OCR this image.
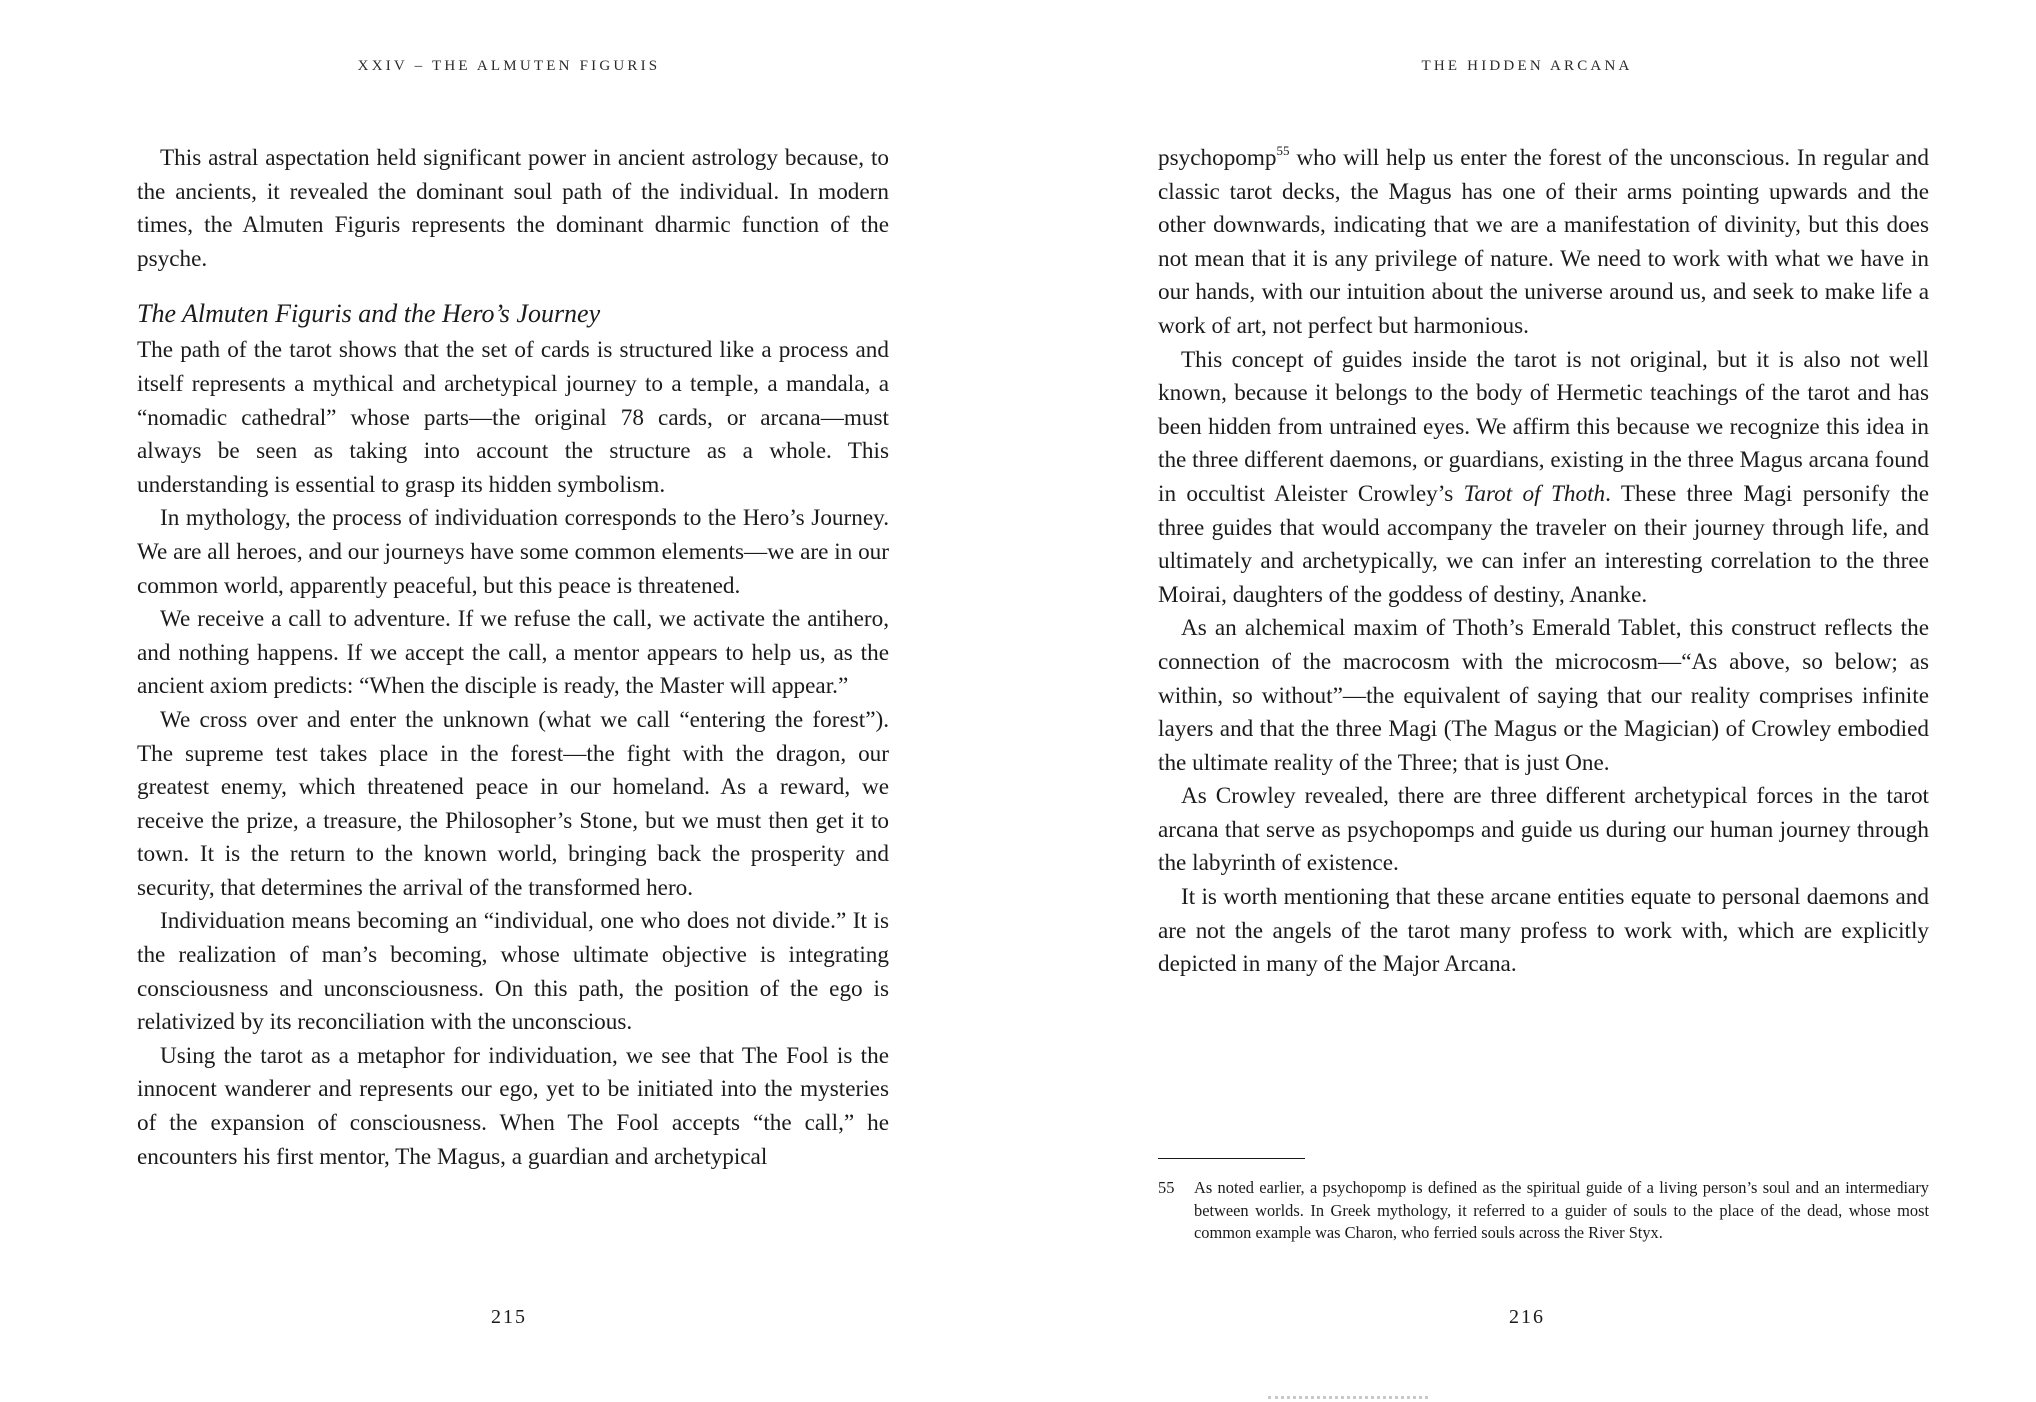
XXIV – THE ALMUTEN FIGURIS

This astral aspectation held significant power in ancient astrology because, to the ancients, it revealed the dominant soul path of the individual. In modern times, the Almuten Figuris represents the dominant dharmic function of the psyche.

The Almuten Figuris and the Hero’s Journey

The path of the tarot shows that the set of cards is structured like a process and itself represents a mythical and archetypical journey to a temple, a mandala, a “nomadic cathedral” whose parts—the original 78 cards, or arcana—must always be seen as taking into account the structure as a whole. This understanding is essential to grasp its hidden symbolism.

In mythology, the process of individuation corresponds to the Hero’s Journey. We are all heroes, and our journeys have some common elements—we are in our common world, apparently peaceful, but this peace is threatened.

We receive a call to adventure. If we refuse the call, we activate the antihero, and nothing happens. If we accept the call, a mentor appears to help us, as the ancient axiom predicts: “When the disciple is ready, the Master will appear.”

We cross over and enter the unknown (what we call “entering the forest”). The supreme test takes place in the forest—the fight with the dragon, our greatest enemy, which threatened peace in our homeland. As a reward, we receive the prize, a treasure, the Philosopher’s Stone, but we must then get it to town. It is the return to the known world, bringing back the prosperity and security, that determines the arrival of the transformed hero.

Individuation means becoming an “individual, one who does not divide.” It is the realization of man’s becoming, whose ultimate objective is integrating consciousness and unconsciousness. On this path, the position of the ego is relativized by its reconciliation with the unconscious.

Using the tarot as a metaphor for individuation, we see that The Fool is the innocent wanderer and represents our ego, yet to be initiated into the mysteries of the expansion of consciousness. When The Fool accepts “the call,” he encounters his first mentor, The Magus, a guardian and archetypical

215
THE HIDDEN ARCANA

psychopomp$^{55}$ who will help us enter the forest of the unconscious. In regular and classic tarot decks, the Magus has one of their arms pointing upwards and the other downwards, indicating that we are a manifestation of divinity, but this does not mean that it is any privilege of nature. We need to work with what we have in our hands, with our intuition about the universe around us, and seek to make life a work of art, not perfect but harmonious.

This concept of guides inside the tarot is not original, but it is also not well known, because it belongs to the body of Hermetic teachings of the tarot and has been hidden from untrained eyes. We affirm this because we recognize this idea in the three different daemons, or guardians, existing in the three Magus arcana found in occultist Aleister Crowley’s Tarot of Thoth. These three Magi personify the three guides that would accompany the traveler on their journey through life, and ultimately and archetypically, we can infer an interesting correlation to the three Moirai, daughters of the goddess of destiny, Ananke.

As an alchemical maxim of Thoth’s Emerald Tablet, this construct reflects the connection of the macrocosm with the microcosm—“As above, so below; as within, so without”—the equivalent of saying that our reality comprises infinite layers and that the three Magi (The Magus or the Magician) of Crowley embodied the ultimate reality of the Three; that is just One.

As Crowley revealed, there are three different archetypical forces in the tarot arcana that serve as psychopomps and guide us during our human journey through the labyrinth of existence.

It is worth mentioning that these arcane entities equate to personal daemons and are not the angels of the tarot many profess to work with, which are explicitly depicted in many of the Major Arcana.

55	As noted earlier, a psychopomp is defined as the spiritual guide of a living person’s soul and an intermediary between worlds. In Greek mythology, it referred to a guider of souls to the place of the dead, whose most common example was Charon, who ferried souls across the River Styx.
216
